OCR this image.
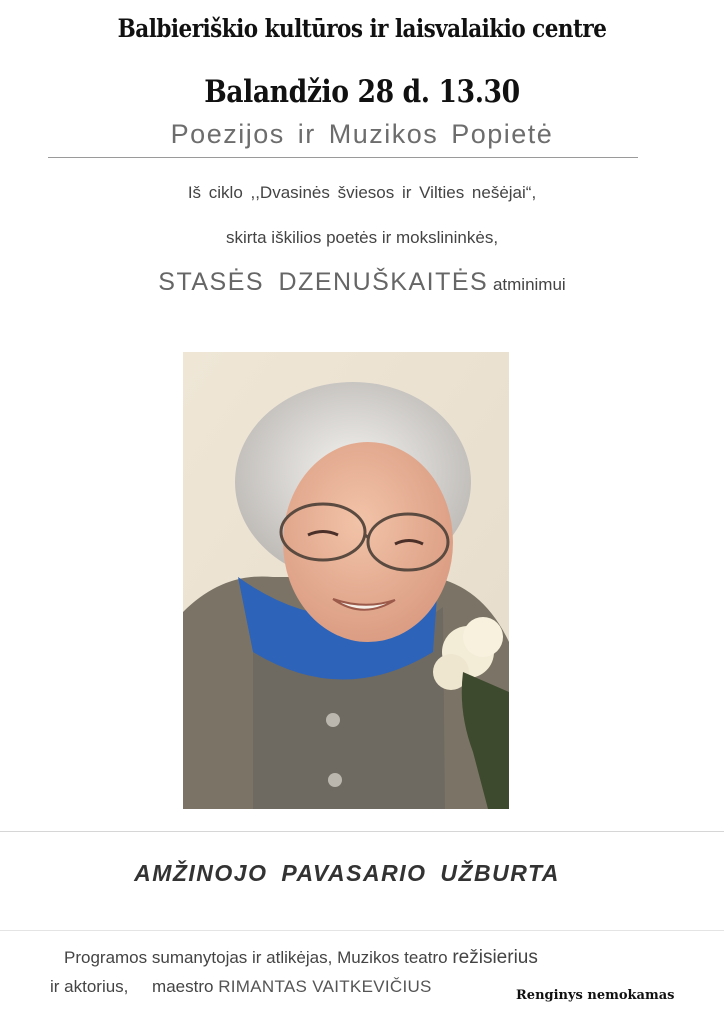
Balbieriškio kultūros ir laisvalaikio centre
Balandžio 28 d. 13.30
Poezijos ir Muzikos Popietė
Iš ciklo ,,Dvasinės šviesos ir Vilties nešėjai“,
skirta iškilios poetės ir mokslininkės,
STASĖS DZENUŠKAITĖS atminimui
AMŽINOJO PAVASARIO UŽBURTA
Programos sumanytojas ir atlikėjas, Muzikos teatro režisierius
ir aktorius, maestro RIMANTAS VAITKEVIČIUS	Renginys nemokamas
